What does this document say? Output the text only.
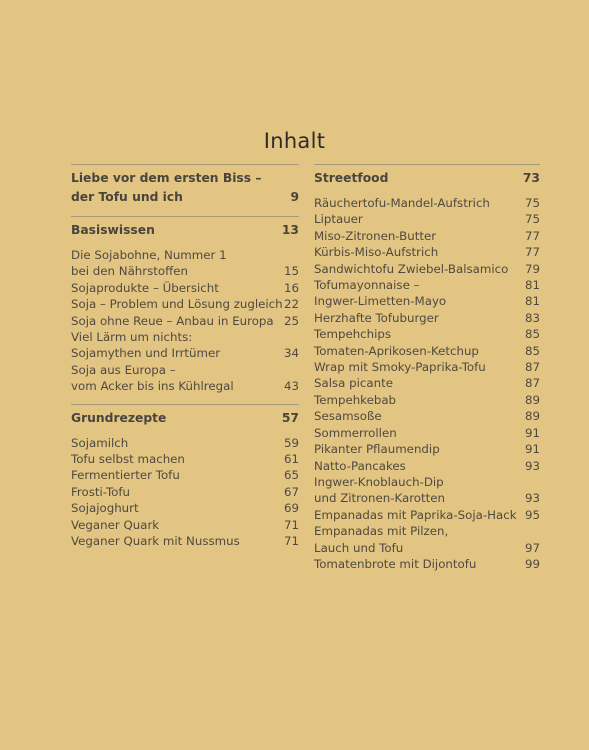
Inhalt
Liebe vor dem ersten Biss –
der Tofu und ich	9
Basiswissen	13
Die Sojabohne, Nummer 1
bei den Nährstoffen	15
Sojaprodukte – Übersicht	16
Soja – Problem und Lösung zugleich 22
Soja ohne Reue – Anbau in Europa 25
Viel Lärm um nichts:
Sojamythen und Irrtümer	34
Soja aus Europa –
vom Acker bis ins Kühlregal	43
Grundrezepte	57
Sojamilch	59
Tofu selbst machen	61
Fermentierter Tofu	65
Frosti-Tofu	67
Sojajoghurt	69
Veganer Quark	71
Veganer Quark mit Nussmus	71
Streetfood	73
Räuchertofu-Mandel-Aufstrich	75
Liptauer	75
Miso-Zitronen-Butter	77
Kürbis-Miso-Aufstrich	77
Sandwichtofu Zwiebel-Balsamico 79
Tofumayonnaise –	81
Ingwer-Limetten-Mayo	81
Herzhafte Tofuburger	83
Tempehchips	85
Tomaten-Aprikosen-Ketchup	85
Wrap mit Smoky-Paprika-Tofu	87
Salsa picante	87
Tempehkebab	89
Sesamsoße	89
Sommerrollen	91
Pikanter Pflaumendip	91
Natto-Pancakes	93
Ingwer-Knoblauch-Dip
und Zitronen-Karotten	93
Empanadas mit Paprika-Soja-Hack 95
Empanadas mit Pilzen,
Lauch und Tofu	97
Tomatenbrote mit Dijontofu	99
